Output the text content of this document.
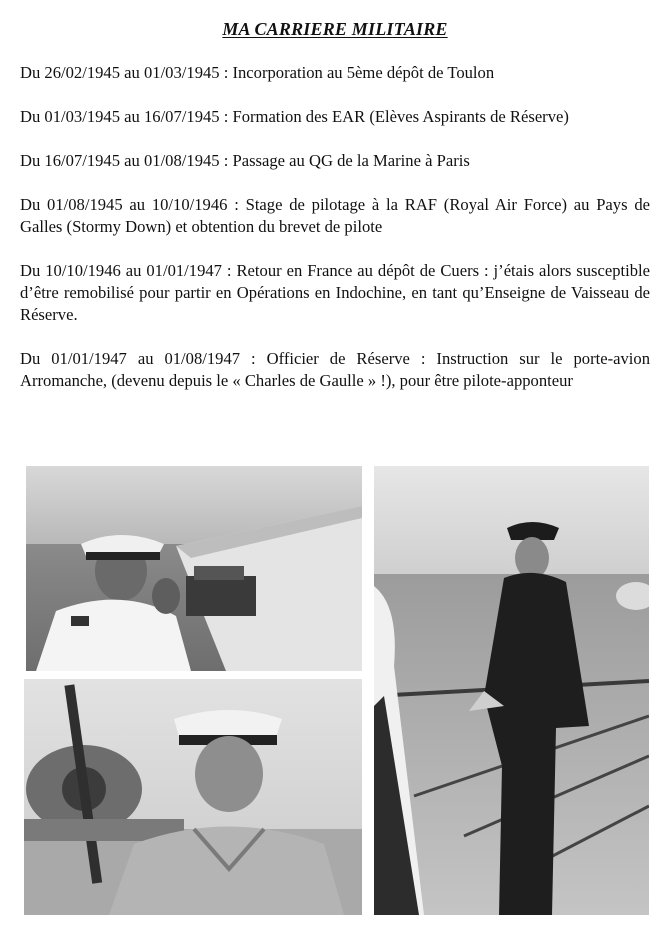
MA CARRIERE MILITAIRE

Du 26/02/1945 au 01/03/1945 : Incorporation au 5ème dépôt de Toulon

Du 01/03/1945 au 16/07/1945 : Formation des EAR (Elèves Aspirants de Réserve)

Du 16/07/1945 au 01/08/1945 : Passage au QG de la Marine à Paris

Du 01/08/1945 au 10/10/1946 : Stage de pilotage à la RAF (Royal Air Force) au Pays de Galles (Stormy Down) et obtention du brevet de pilote

Du 10/10/1946 au 01/01/1947 : Retour en France au dépôt de Cuers : j’étais alors susceptible d’être remobilisé pour partir en Opérations en Indochine, en tant qu’Enseigne de Vaisseau de Réserve.

Du 01/01/1947 au 01/08/1947 : Officier de Réserve : Instruction sur le porte-avion Arromanche, (devenu depuis le « Charles de Gaulle » !), pour être pilote-apponteur
